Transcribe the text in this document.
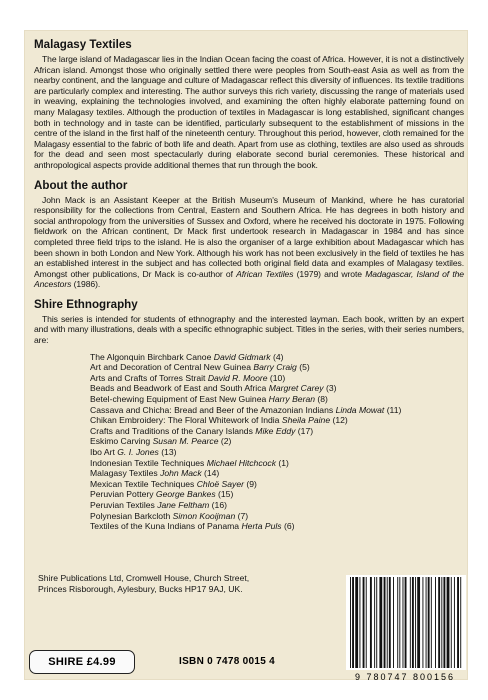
Malagasy Textiles

The large island of Madagascar lies in the Indian Ocean facing the coast of Africa. However, it is not a distinctively African island. Amongst those who originally settled there were peoples from South-east Asia as well as from the nearby continent, and the language and culture of Madagascar reflect this diversity of influences. Its textile traditions are particularly complex and interesting. The author surveys this rich variety, discussing the range of materials used in weaving, explaining the technologies involved, and examining the often highly elaborate patterning found on many Malagasy textiles. Although the production of textiles in Madagascar is long established, significant changes both in technology and in taste can be identified, particularly subsequent to the establishment of missions in the centre of the island in the first half of the nineteenth century. Throughout this period, however, cloth remained for the Malagasy essential to the fabric of both life and death. Apart from use as clothing, textiles are also used as shrouds for the dead and seen most spectacularly during elaborate second burial ceremonies. These historical and anthropological aspects provide additional themes that run through the book.

About the author

John Mack is an Assistant Keeper at the British Museum's Museum of Mankind, where he has curatorial responsibility for the collections from Central, Eastern and Southern Africa. He has degrees in both history and social anthropology from the universities of Sussex and Oxford, where he received his doctorate in 1975. Following fieldwork on the African continent, Dr Mack first undertook research in Madagascar in 1984 and has since completed three field trips to the island. He is also the organiser of a large exhibition about Madagascar which has been shown in both London and New York. Although his work has not been exclusively in the field of textiles he has an established interest in the subject and has collected both original field data and examples of Malagasy textiles. Amongst other publications, Dr Mack is co-author of African Textiles (1979) and wrote Madagascar, Island of the Ancestors (1986).

Shire Ethnography

This series is intended for students of ethnography and the interested layman. Each book, written by an expert and with many illustrations, deals with a specific ethnographic subject. Titles in the series, with their series numbers, are:

The Algonquin Birchbark Canoe David Gidmark (4)
Art and Decoration of Central New Guinea Barry Craig (5)
Arts and Crafts of Torres Strait David R. Moore (10)
Beads and Beadwork of East and South Africa Margret Carey (3)
Betel-chewing Equipment of East New Guinea Harry Beran (8)
Cassava and Chicha: Bread and Beer of the Amazonian Indians Linda Mowat (11)
Chikan Embroidery: The Floral Whitework of India Sheila Paine (12)
Crafts and Traditions of the Canary Islands Mike Eddy (17)
Eskimo Carving Susan M. Pearce (2)
Ibo Art G. I. Jones (13)
Indonesian Textile Techniques Michael Hitchcock (1)
Malagasy Textiles John Mack (14)
Mexican Textile Techniques Chloë Sayer (9)
Peruvian Pottery George Bankes (15)
Peruvian Textiles Jane Feltham (16)
Polynesian Barkcloth Simon Kooijman (7)
Textiles of the Kuna Indians of Panama Herta Puls (6)
Shire Publications Ltd, Cromwell House, Church Street,
Princes Risborough, Aylesbury, Bucks HP17 9AJ, UK.
SHIRE £4.99	ISBN 0 7478 0015 4
9 780747 800156
